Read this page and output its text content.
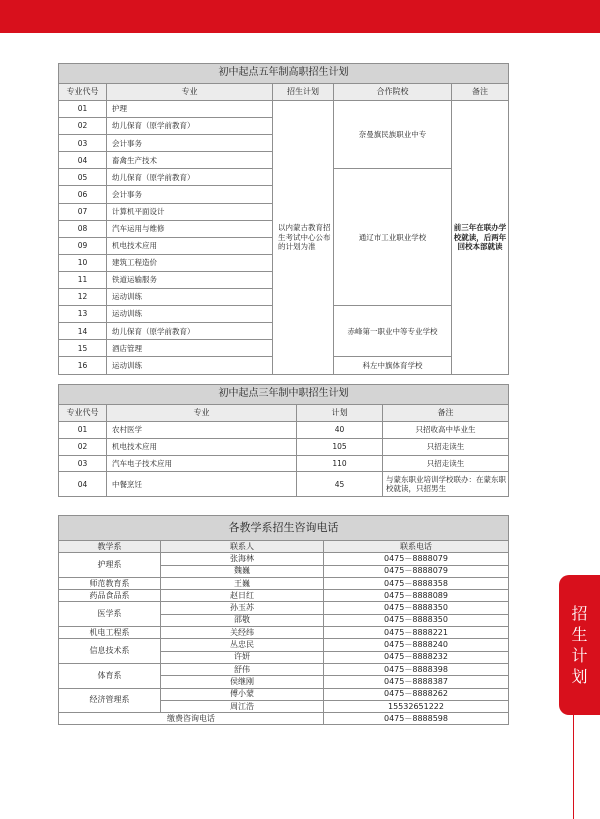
初中起点五年制高职招生计划				
专业代号	专业	招生计划	合作院校	备注
01	护理	以内蒙古教育招生考试中心公布的计划为准	奈曼旗民族职业中专	前三年在联办学校就读，后两年回校本部就读
02	幼儿保育（原学前教育）			
03	会计事务			
04	畜禽生产技术			
05	幼儿保育（原学前教育）		通辽市工业职业学校	
06	会计事务			
07	计算机平面设计			
08	汽车运用与维修			
09	机电技术应用			
10	建筑工程造价			
11	铁道运输服务			
12	运动训练			
13	运动训练		赤峰第一职业中等专业学校	
14	幼儿保育（原学前教育）			
15	酒店管理			
16	运动训练		科左中旗体育学校	
初中起点三年制中职招生计划			
专业代号	专业	计划	备注
01	农村医学	40	只招收高中毕业生
02	机电技术应用	105	只招走读生
03	汽车电子技术应用	110	只招走读生
04	中餐烹饪	45	与蒙东职业培训学校联办：在蒙东职校就读，只招男生
各教学系招生咨询电话		
教学系	联系人	联系电话
护理系	张海林	0475－8888079
	魏巍	0475－8888079
师范教育系	王巍	0475－8888358
药品食品系	赵日红	0475－8888089
医学系	孙玉苏	0475－8888350
	邵敬	0475－8888350
机电工程系	关经纬	0475－8888221
信息技术系	丛忠民	0475－8888240
	许妍	0475－8888232
体育系	舒伟	0475－8888398
	侯继刚	0475－8888387
经济管理系	傅小蒙	0475－8888262
	周江浩	15532651222
缴费咨询电话		0475－8888598
招
生
计
划
